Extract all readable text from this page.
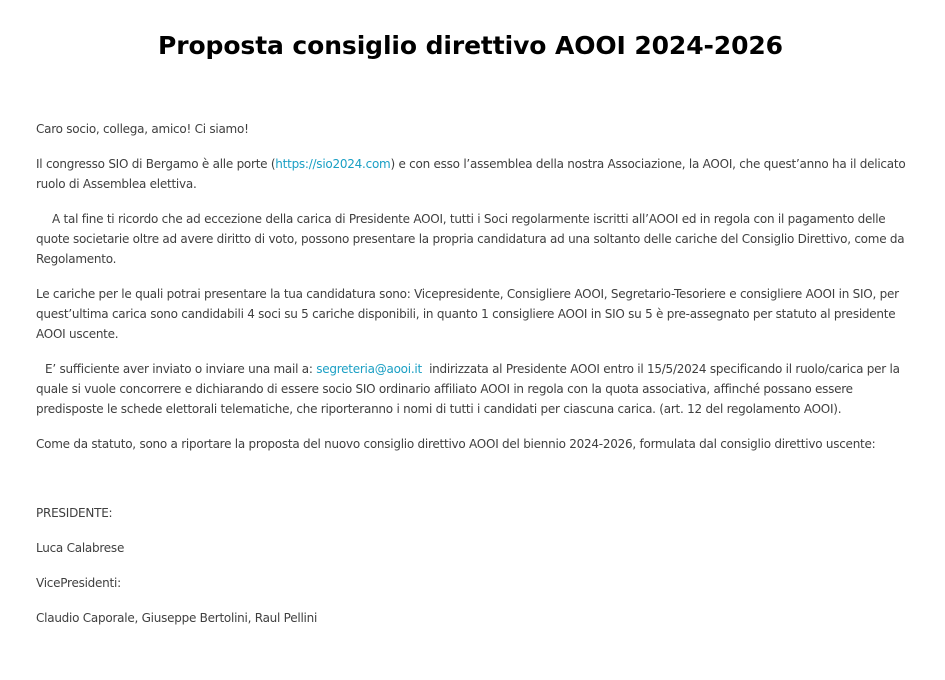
Proposta consiglio direttivo AOOI 2024-2026

Caro socio, collega, amico! Ci siamo!

Il congresso SIO di Bergamo è alle porte (https://sio2024.com) e con esso l’assemblea della nostra Associazione, la AOOI, che quest’anno ha il delicato ruolo di Assemblea elettiva.

A tal fine ti ricordo che ad eccezione della carica di Presidente AOOI, tutti i Soci regolarmente iscritti all’AOOI ed in regola con il pagamento delle quote societarie oltre ad avere diritto di voto, possono presentare la propria candidatura ad una soltanto delle cariche del Consiglio Direttivo, come da Regolamento.

Le cariche per le quali potrai presentare la tua candidatura sono: Vicepresidente, Consigliere AOOI, Segretario-Tesoriere e consigliere AOOI in SIO, per quest’ultima carica sono candidabili 4 soci su 5 cariche disponibili, in quanto 1 consigliere AOOI in SIO su 5 è pre-assegnato per statuto al presidente AOOI uscente.

E’ sufficiente aver inviato o inviare una mail a: segreteria@aooi.it  indirizzata al Presidente AOOI entro il 15/5/2024 specificando il ruolo/carica per la quale si vuole concorrere e dichiarando di essere socio SIO ordinario affiliato AOOI in regola con la quota associativa, affinché possano essere predisposte le schede elettorali telematiche, che riporteranno i nomi di tutti i candidati per ciascuna carica. (art. 12 del regolamento AOOI).

Come da statuto, sono a riportare la proposta del nuovo consiglio direttivo AOOI del biennio 2024-2026, formulata dal consiglio direttivo uscente:

PRESIDENTE:

Luca Calabrese

VicePresidenti:

Claudio Caporale, Giuseppe Bertolini, Raul Pellini
